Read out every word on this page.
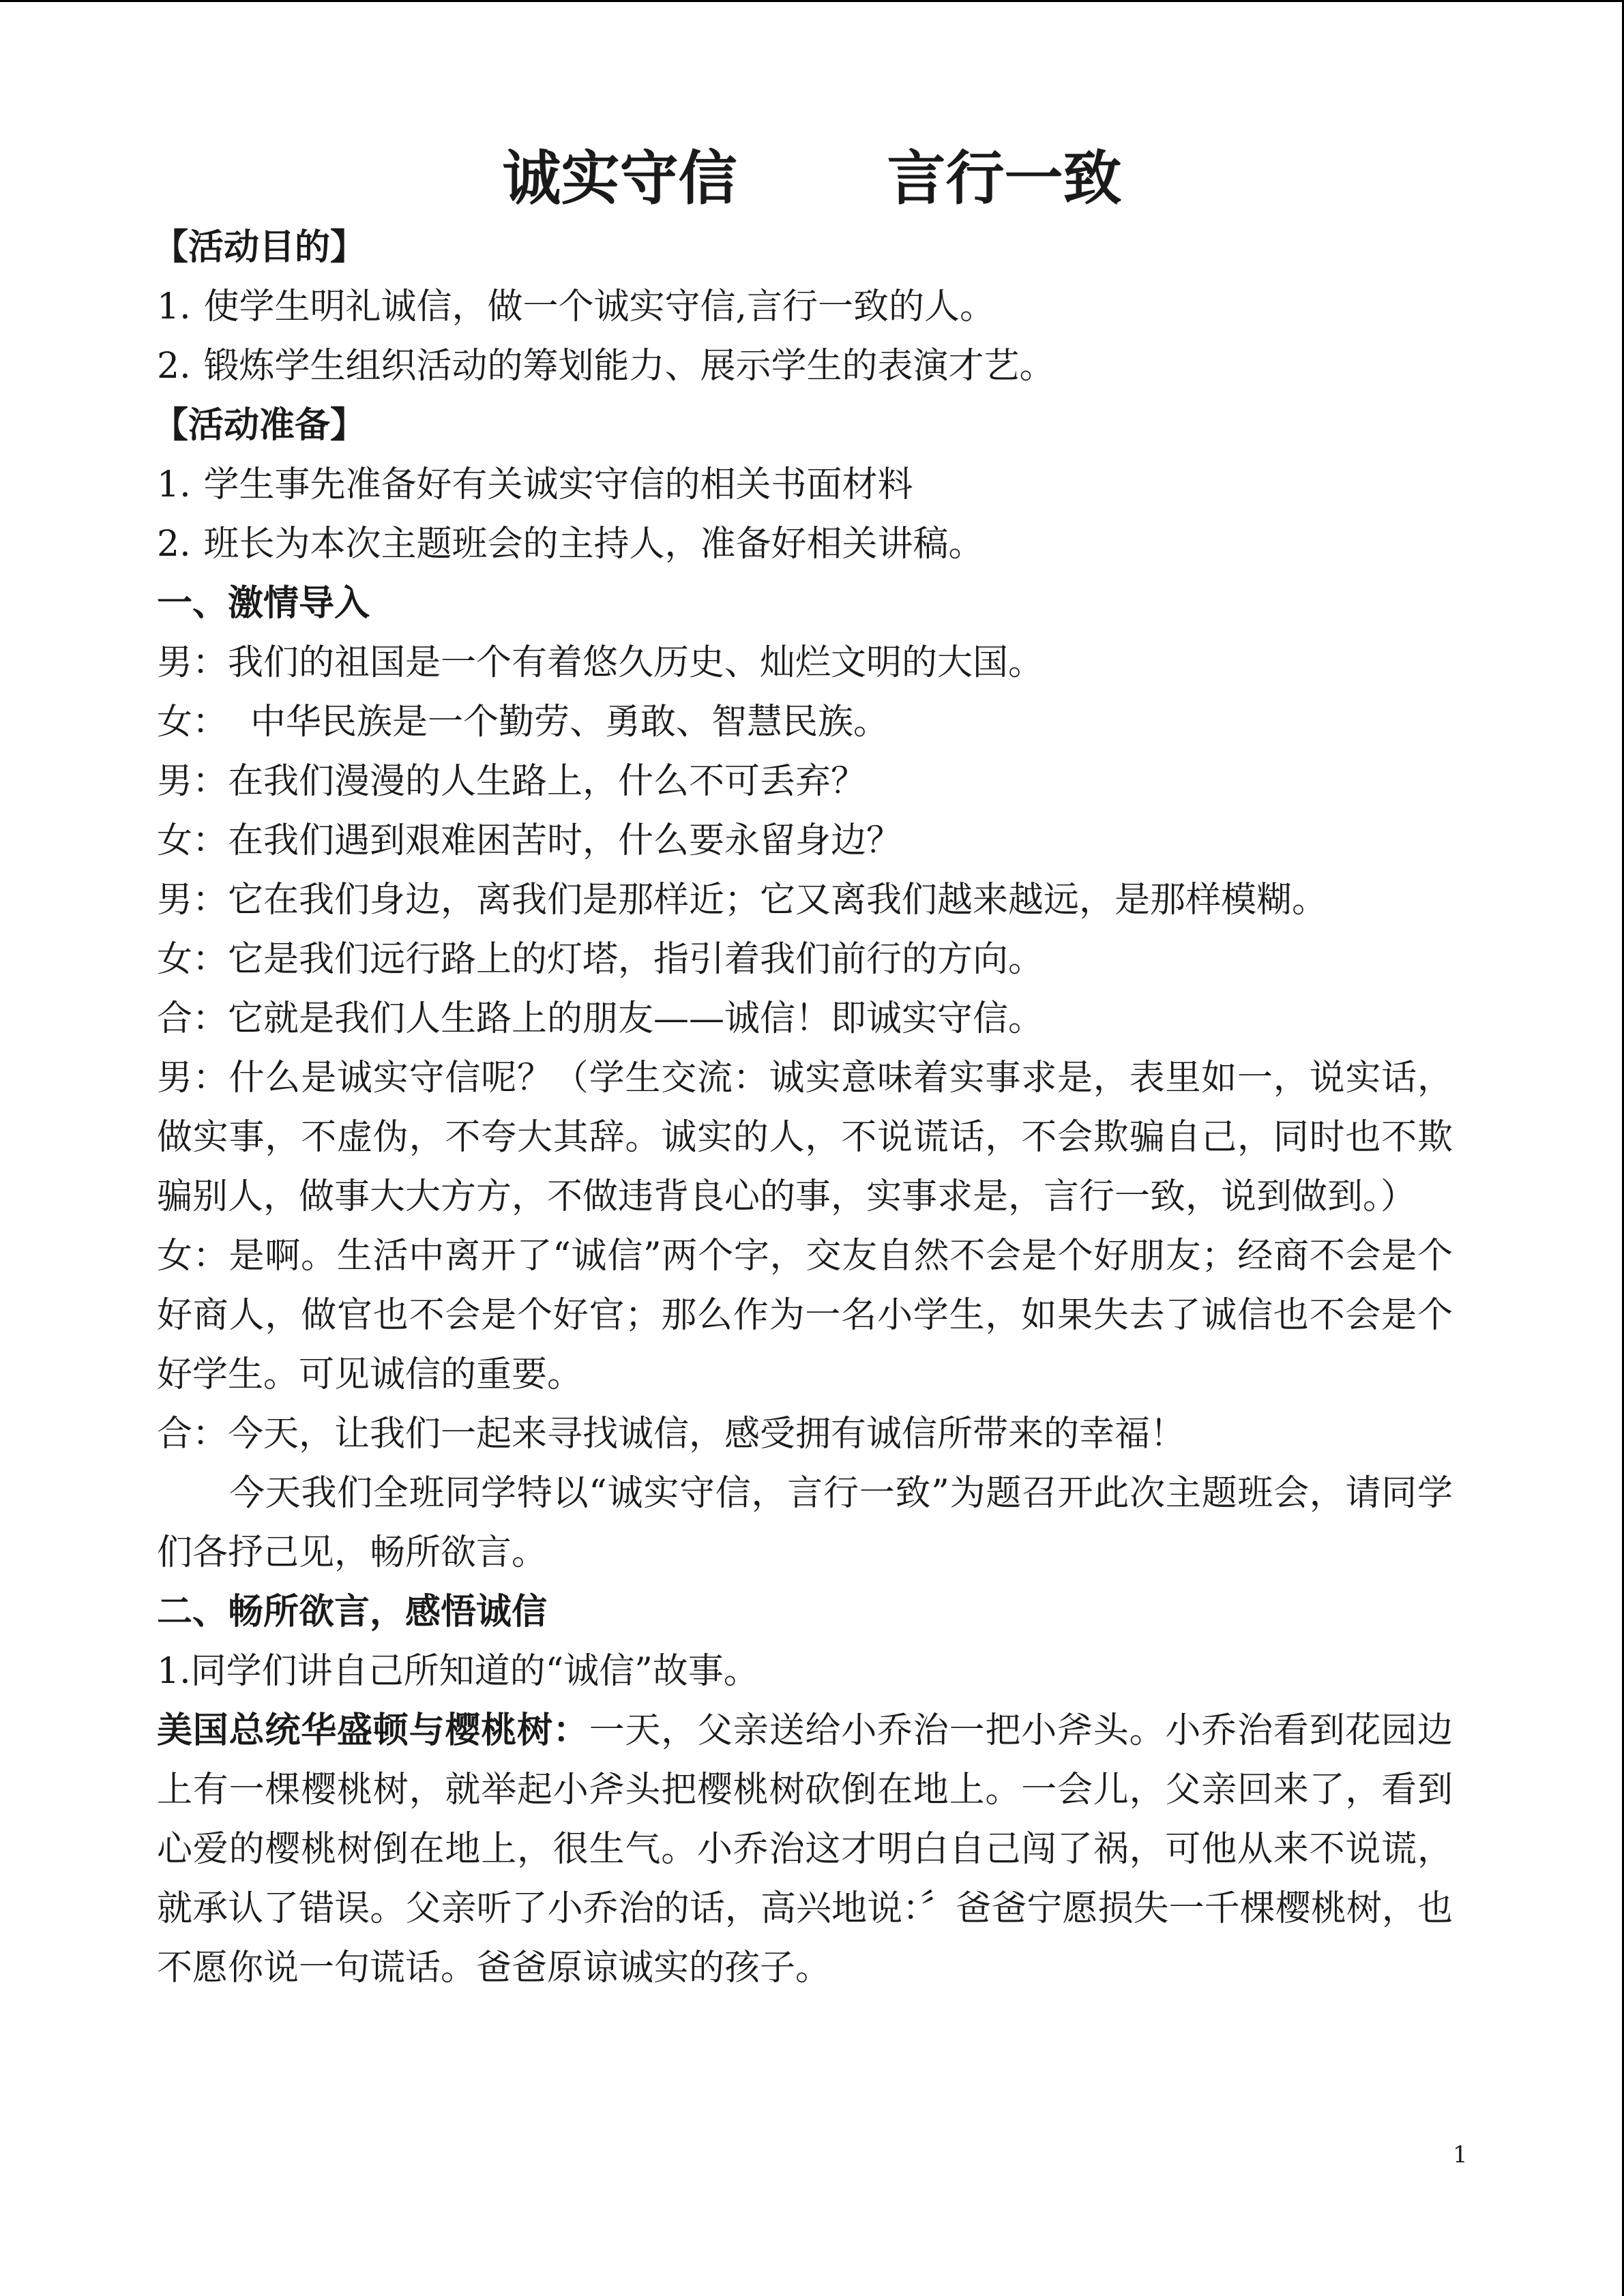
诚实守信	言行一致
【活动目的】
1. 使学生明礼诚信，做一个诚实守信,言行一致的人。
2. 锻炼学生组织活动的筹划能力、展示学生的表演才艺。
【活动准备】
1. 学生事先准备好有关诚实守信的相关书面材料
2. 班长为本次主题班会的主持人，准备好相关讲稿。
一、激情导入
男：我们的祖国是一个有着悠久历史、灿烂文明的大国。
女：  中华民族是一个勤劳、勇敢、智慧民族。
男：在我们漫漫的人生路上，什么不可丢弃？
女：在我们遇到艰难困苦时，什么要永留身边？
男：它在我们身边，离我们是那样近；它又离我们越来越远，是那样模糊。
女：它是我们远行路上的灯塔，指引着我们前行的方向。
合：它就是我们人生路上的朋友——诚信！即诚实守信。
男：什么是诚实守信呢？（学生交流：诚实意味着实事求是，表里如一，说实话，做实事，不虚伪，不夸大其辞。诚实的人，不说谎话，不会欺骗自己，同时也不欺骗别人，做事大大方方，不做违背良心的事，实事求是，言行一致，说到做到。）
女：是啊。生活中离开了“诚信”两个字，交友自然不会是个好朋友；经商不会是个好商人，做官也不会是个好官；那么作为一名小学生，如果失去了诚信也不会是个好学生。可见诚信的重要。
合：今天，让我们一起来寻找诚信，感受拥有诚信所带来的幸福！
今天我们全班同学特以“诚实守信，言行一致”为题召开此次主题班会，请同学们各抒己见，畅所欲言。
二、畅所欲言，感悟诚信
1.同学们讲自己所知道的“诚信”故事。
美国总统华盛顿与樱桃树：一天，父亲送给小乔治一把小斧头。小乔治看到花园边上有一棵樱桃树，就举起小斧头把樱桃树砍倒在地上。一会儿，父亲回来了，看到心爱的樱桃树倒在地上，很生气。小乔治这才明白自己闯了祸，可他从来不说谎，就承认了错误。父亲听了小乔治的话，高兴地说：〞爸爸宁愿损失一千棵樱桃树，也不愿你说一句谎话。爸爸原谅诚实的孩子。
1
